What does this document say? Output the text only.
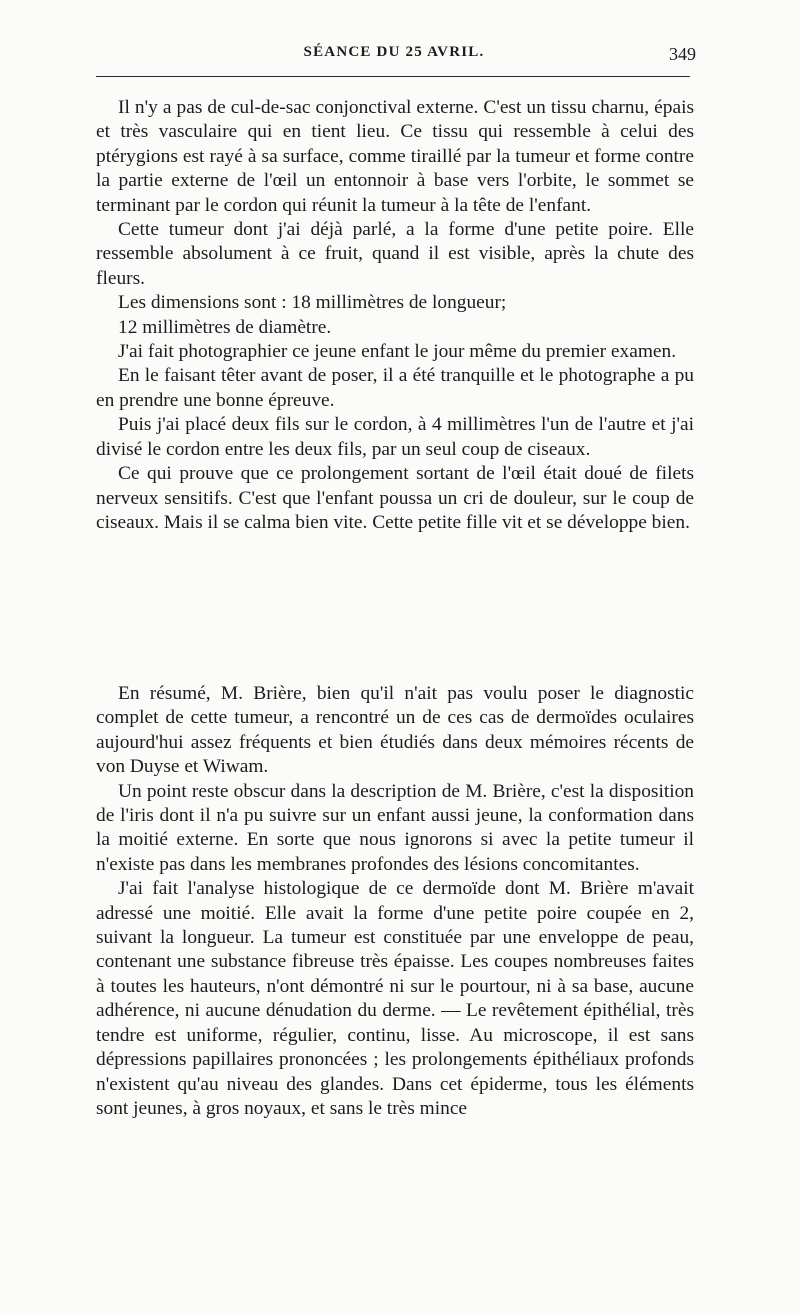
SÉANCE DU 25 AVRIL.	349

Il n'y a pas de cul-de-sac conjonctival externe. C'est un tissu charnu, épais et très vasculaire qui en tient lieu. Ce tissu qui ressemble à celui des ptérygions est rayé à sa surface, comme tiraillé par la tumeur et forme contre la partie externe de l'œil un entonnoir à base vers l'orbite, le sommet se terminant par le cordon qui réunit la tumeur à la tête de l'enfant.

Cette tumeur dont j'ai déjà parlé, a la forme d'une petite poire. Elle ressemble absolument à ce fruit, quand il est visible, après la chute des fleurs.

Les dimensions sont : 18 millimètres de longueur;

12 millimètres de diamètre.

J'ai fait photographier ce jeune enfant le jour même du premier examen.

En le faisant têter avant de poser, il a été tranquille et le photographe a pu en prendre une bonne épreuve.

Puis j'ai placé deux fils sur le cordon, à 4 millimètres l'un de l'autre et j'ai divisé le cordon entre les deux fils, par un seul coup de ciseaux.

Ce qui prouve que ce prolongement sortant de l'œil était doué de filets nerveux sensitifs. C'est que l'enfant poussa un cri de douleur, sur le coup de ciseaux. Mais il se calma bien vite. Cette petite fille vit et se développe bien.

En résumé, M. Brière, bien qu'il n'ait pas voulu poser le diagnostic complet de cette tumeur, a rencontré un de ces cas de dermoïdes oculaires aujourd'hui assez fréquents et bien étudiés dans deux mémoires récents de von Duyse et Wiwam.

Un point reste obscur dans la description de M. Brière, c'est la disposition de l'iris dont il n'a pu suivre sur un enfant aussi jeune, la conformation dans la moitié externe. En sorte que nous ignorons si avec la petite tumeur il n'existe pas dans les membranes profondes des lésions concomitantes.

J'ai fait l'analyse histologique de ce dermoïde dont M. Brière m'avait adressé une moitié. Elle avait la forme d'une petite poire coupée en 2, suivant la longueur. La tumeur est constituée par une enveloppe de peau, contenant une substance fibreuse très épaisse. Les coupes nombreuses faites à toutes les hauteurs, n'ont démontré ni sur le pourtour, ni à sa base, aucune adhérence, ni aucune dénudation du derme. — Le revêtement épithélial, très tendre est uniforme, régulier, continu, lisse. Au microscope, il est sans dépressions papillaires prononcées ; les prolongements épithéliaux profonds n'existent qu'au niveau des glandes. Dans cet épiderme, tous les éléments sont jeunes, à gros noyaux, et sans le très mince
